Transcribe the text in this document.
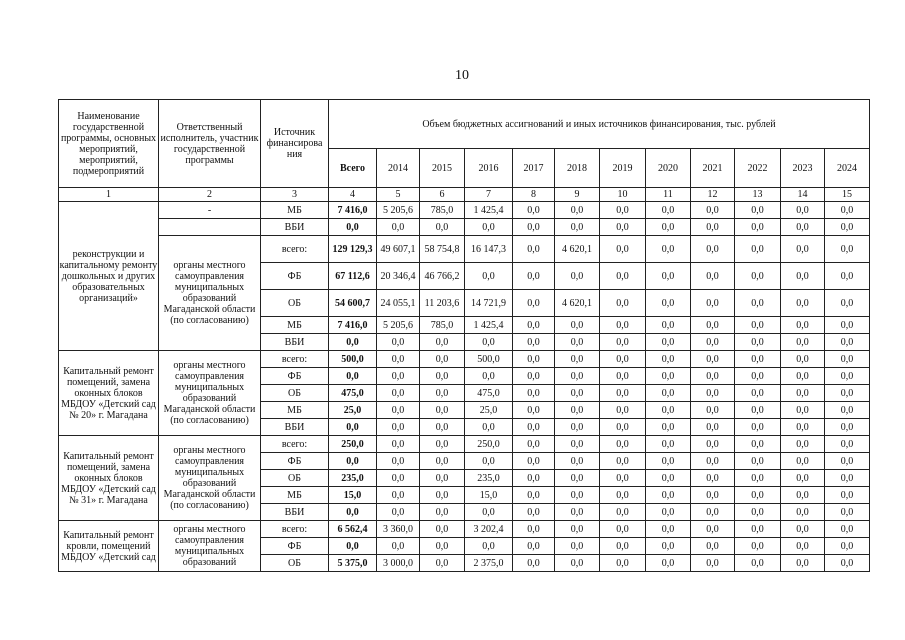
10
Наименование государственной программы, основных мероприятий, мероприятий, подмероприятий	Ответственный исполнитель, участник государственной программы	Источник финансирова ния	Объем бюджетных ассигнований и иных источников финансирования, тыс. рублей											
			Всего	2014	2015	2016	2017	2018	2019	2020	2021	2022	2023	2024
1	2	3	4	5	6	7	8	9	10	11	12	13	14	15
реконструкции и капитальному ремонту дошкольных и других образовательных организаций»	-	МБ	7 416,0	5 205,6	785,0	1 425,4	0,0	0,0	0,0	0,0	0,0	0,0	0,0	0,0
		ВБИ	0,0	0,0	0,0	0,0	0,0	0,0	0,0	0,0	0,0	0,0	0,0	0,0
	органы местного самоуправления муниципальных образований Магаданской области (по согласованию)	всего:	129 129,3	49 607,1	58 754,8	16 147,3	0,0	4 620,1	0,0	0,0	0,0	0,0	0,0	0,0
		ФБ	67 112,6	20 346,4	46 766,2	0,0	0,0	0,0	0,0	0,0	0,0	0,0	0,0	0,0
		ОБ	54 600,7	24 055,1	11 203,6	14 721,9	0,0	4 620,1	0,0	0,0	0,0	0,0	0,0	0,0
		МБ	7 416,0	5 205,6	785,0	1 425,4	0,0	0,0	0,0	0,0	0,0	0,0	0,0	0,0
		ВБИ	0,0	0,0	0,0	0,0	0,0	0,0	0,0	0,0	0,0	0,0	0,0	0,0
Капитальный ремонт помещений, замена оконных блоков МБДОУ «Детский сад № 20» г. Магадана	органы местного самоуправления муниципальных образований Магаданской области (по согласованию)	всего:	500,0	0,0	0,0	500,0	0,0	0,0	0,0	0,0	0,0	0,0	0,0	0,0
		ФБ	0,0	0,0	0,0	0,0	0,0	0,0	0,0	0,0	0,0	0,0	0,0	0,0
		ОБ	475,0	0,0	0,0	475,0	0,0	0,0	0,0	0,0	0,0	0,0	0,0	0,0
		МБ	25,0	0,0	0,0	25,0	0,0	0,0	0,0	0,0	0,0	0,0	0,0	0,0
		ВБИ	0,0	0,0	0,0	0,0	0,0	0,0	0,0	0,0	0,0	0,0	0,0	0,0
Капитальный ремонт помещений, замена оконных блоков МБДОУ «Детский сад № 31» г. Магадана	органы местного самоуправления муниципальных образований Магаданской области (по согласованию)	всего:	250,0	0,0	0,0	250,0	0,0	0,0	0,0	0,0	0,0	0,0	0,0	0,0
		ФБ	0,0	0,0	0,0	0,0	0,0	0,0	0,0	0,0	0,0	0,0	0,0	0,0
		ОБ	235,0	0,0	0,0	235,0	0,0	0,0	0,0	0,0	0,0	0,0	0,0	0,0
		МБ	15,0	0,0	0,0	15,0	0,0	0,0	0,0	0,0	0,0	0,0	0,0	0,0
		ВБИ	0,0	0,0	0,0	0,0	0,0	0,0	0,0	0,0	0,0	0,0	0,0	0,0
Капитальный ремонт кровли, помещений МБДОУ «Детский сад	органы местного самоуправления муниципальных образований	всего:	6 562,4	3 360,0	0,0	3 202,4	0,0	0,0	0,0	0,0	0,0	0,0	0,0	0,0
		ФБ	0,0	0,0	0,0	0,0	0,0	0,0	0,0	0,0	0,0	0,0	0,0	0,0
		ОБ	5 375,0	3 000,0	0,0	2 375,0	0,0	0,0	0,0	0,0	0,0	0,0	0,0	0,0
